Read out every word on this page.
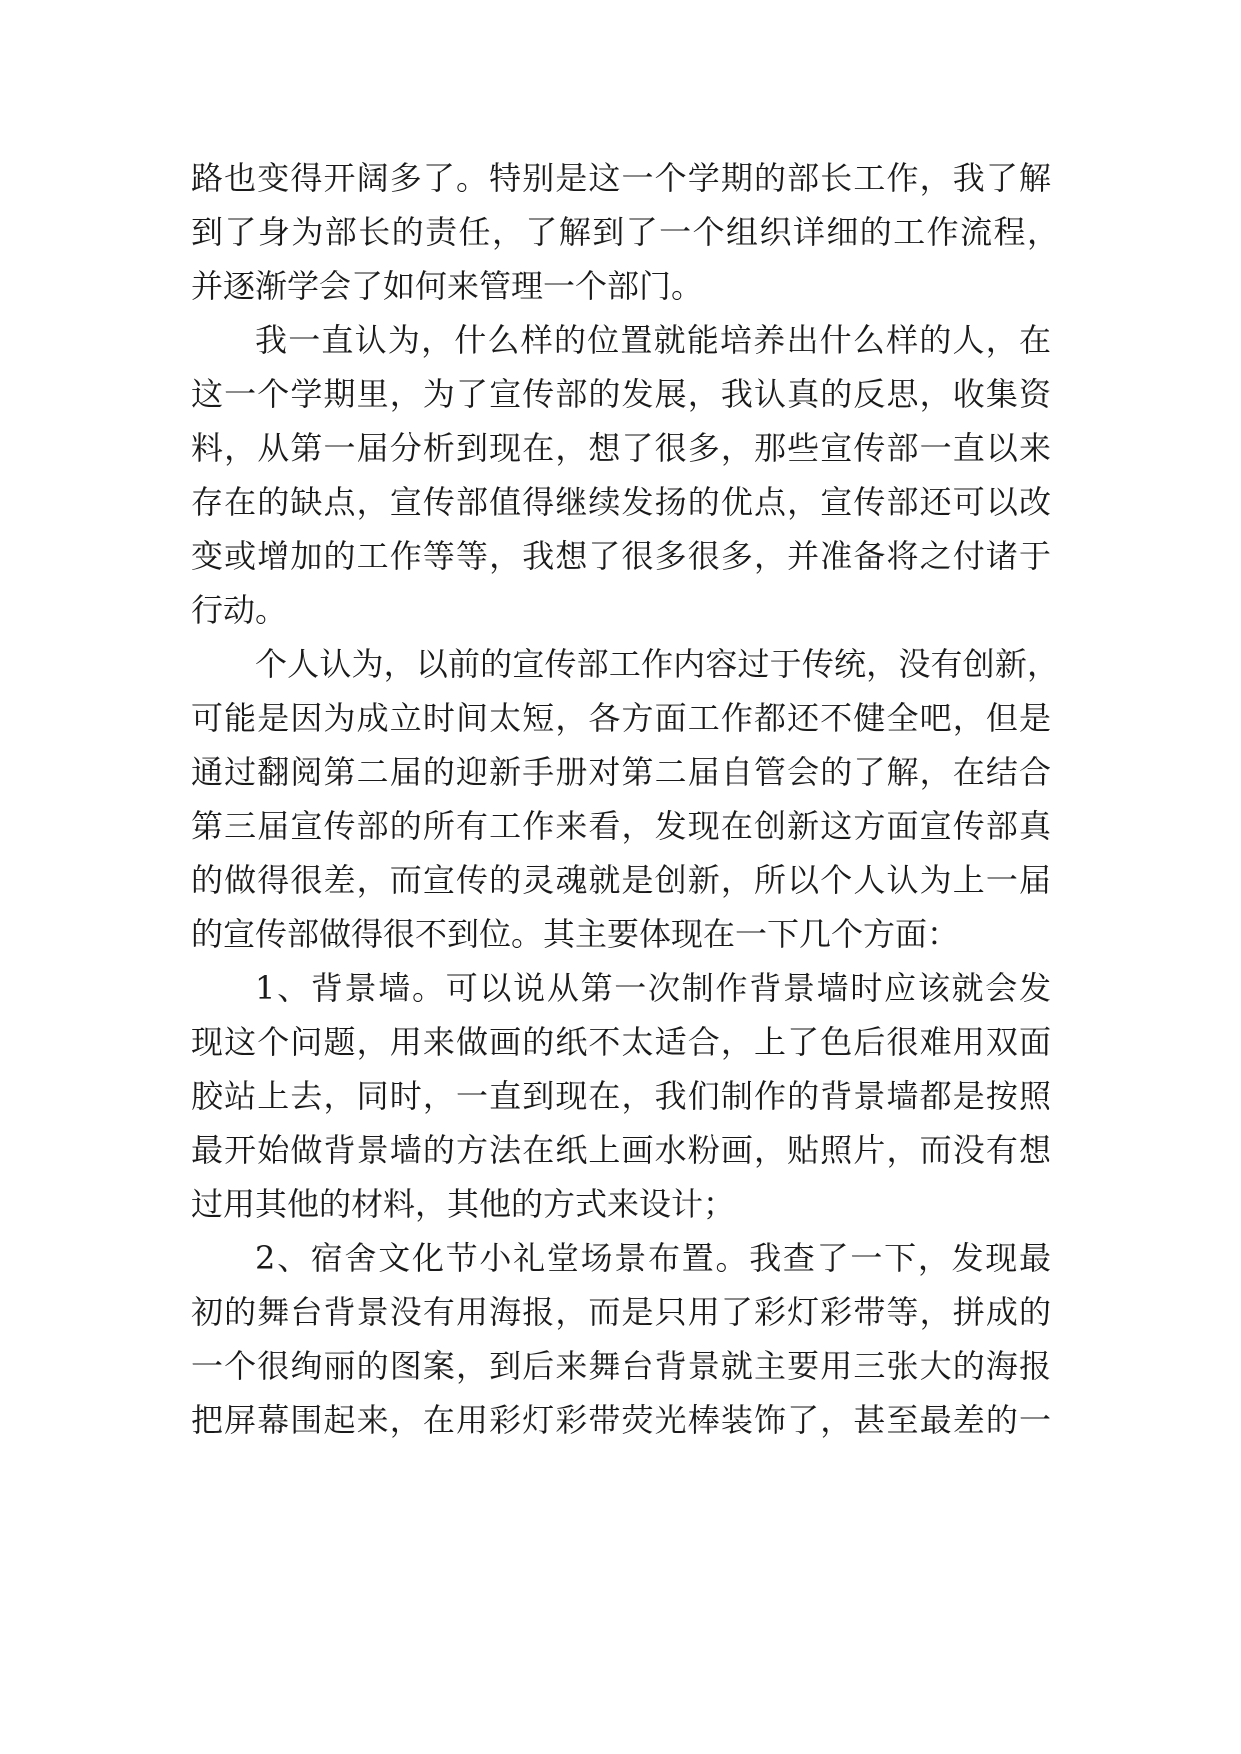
路也变得开阔多了。特别是这一个学期的部长工作，我了解
到了身为部长的责任，了解到了一个组织详细的工作流程，
并逐渐学会了如何来管理一个部门。
我一直认为，什么样的位置就能培养出什么样的人，在
这一个学期里，为了宣传部的发展，我认真的反思，收集资
料，从第一届分析到现在，想了很多，那些宣传部一直以来
存在的缺点，宣传部值得继续发扬的优点，宣传部还可以改
变或增加的工作等等，我想了很多很多，并准备将之付诸于
行动。
个人认为，以前的宣传部工作内容过于传统，没有创新，
可能是因为成立时间太短，各方面工作都还不健全吧，但是
通过翻阅第二届的迎新手册对第二届自管会的了解，在结合
第三届宣传部的所有工作来看，发现在创新这方面宣传部真
的做得很差，而宣传的灵魂就是创新，所以个人认为上一届
的宣传部做得很不到位。其主要体现在一下几个方面：
1、背景墙。可以说从第一次制作背景墙时应该就会发
现这个问题，用来做画的纸不太适合，上了色后很难用双面
胶站上去，同时，一直到现在，我们制作的背景墙都是按照
最开始做背景墙的方法在纸上画水粉画，贴照片，而没有想
过用其他的材料，其他的方式来设计；
2、宿舍文化节小礼堂场景布置。我查了一下，发现最
初的舞台背景没有用海报，而是只用了彩灯彩带等，拼成的
一个很绚丽的图案，到后来舞台背景就主要用三张大的海报
把屏幕围起来，在用彩灯彩带荧光棒装饰了，甚至最差的一
